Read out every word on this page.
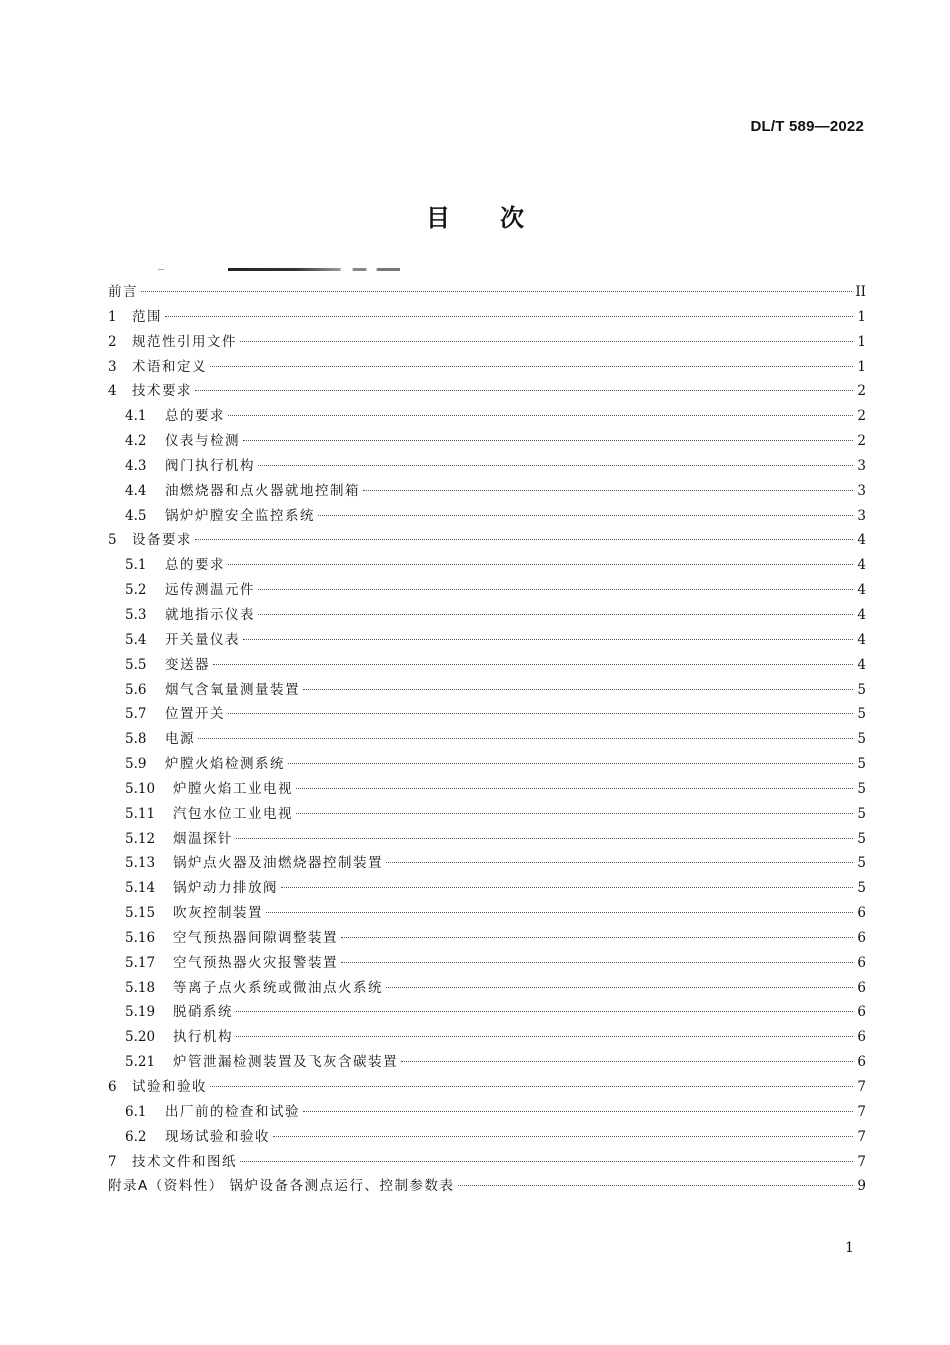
DL/T 589—2022
目次
前言	II
1	范围	1
2	规范性引用文件	1
3	术语和定义	1
4	技术要求	2
4.1	总的要求	2
4.2	仪表与检测	2
4.3	阀门执行机构	3
4.4	油燃烧器和点火器就地控制箱	3
4.5	锅炉炉膛安全监控系统	3
5	设备要求	4
5.1	总的要求	4
5.2	远传测温元件	4
5.3	就地指示仪表	4
5.4	开关量仪表	4
5.5	变送器	4
5.6	烟气含氧量测量装置	5
5.7	位置开关	5
5.8	电源	5
5.9	炉膛火焰检测系统	5
5.10	炉膛火焰工业电视	5
5.11	汽包水位工业电视	5
5.12	烟温探针	5
5.13	锅炉点火器及油燃烧器控制装置	5
5.14	锅炉动力排放阀	5
5.15	吹灰控制装置	6
5.16	空气预热器间隙调整装置	6
5.17	空气预热器火灾报警装置	6
5.18	等离子点火系统或微油点火系统	6
5.19	脱硝系统	6
5.20	执行机构	6
5.21	炉管泄漏检测装置及飞灰含碳装置	6
6	试验和验收	7
6.1	出厂前的检查和试验	7
6.2	现场试验和验收	7
7	技术文件和图纸	7
附录A（资料性） 锅炉设备各测点运行、控制参数表	9
1
